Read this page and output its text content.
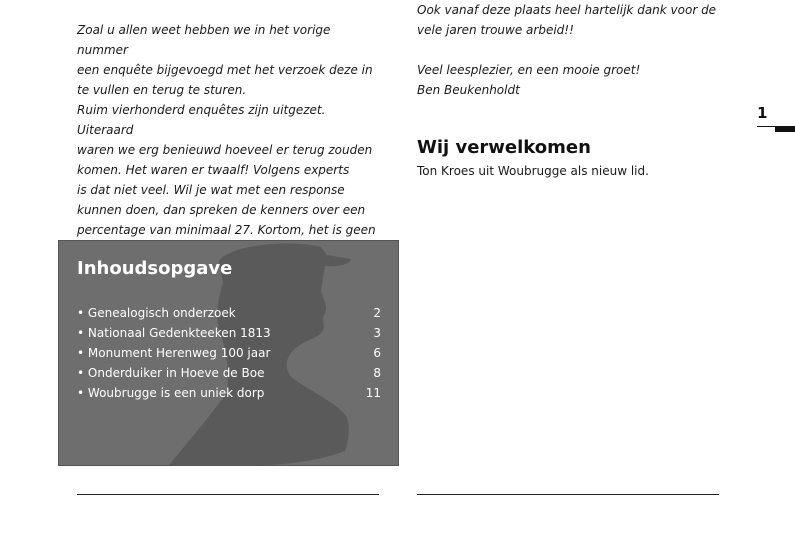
Zoal u allen weet hebben we in het vorige nummer
een enquête bijgevoegd met het verzoek deze in
te vullen en terug te sturen.
Ruim vierhonderd enquêtes zijn uitgezet. Uiteraard
waren we erg benieuwd hoeveel er terug zouden
komen. Het waren er twaalf! Volgens experts
is dat niet veel. Wil je wat met een response
kunnen doen, dan spreken de kenners over een
percentage van minimaal 27. Kortom, het is geen

Ook vanaf deze plaats heel hartelijk dank voor de
vele jaren trouwe arbeid!!

Veel leesplezier, en een mooie groet!
Ben Beukenholdt

Wij verwelkomen

Ton Kroes uit Woubrugge als nieuw lid.

Inhoudsopgave
• Genealogisch onderzoek	2
• Nationaal Gedenkteeken 1813	3
• Monument Herenweg 100 jaar	6
• Onderduiker in Hoeve de Boe	8
• Woubrugge is een uniek dorp	11
1
